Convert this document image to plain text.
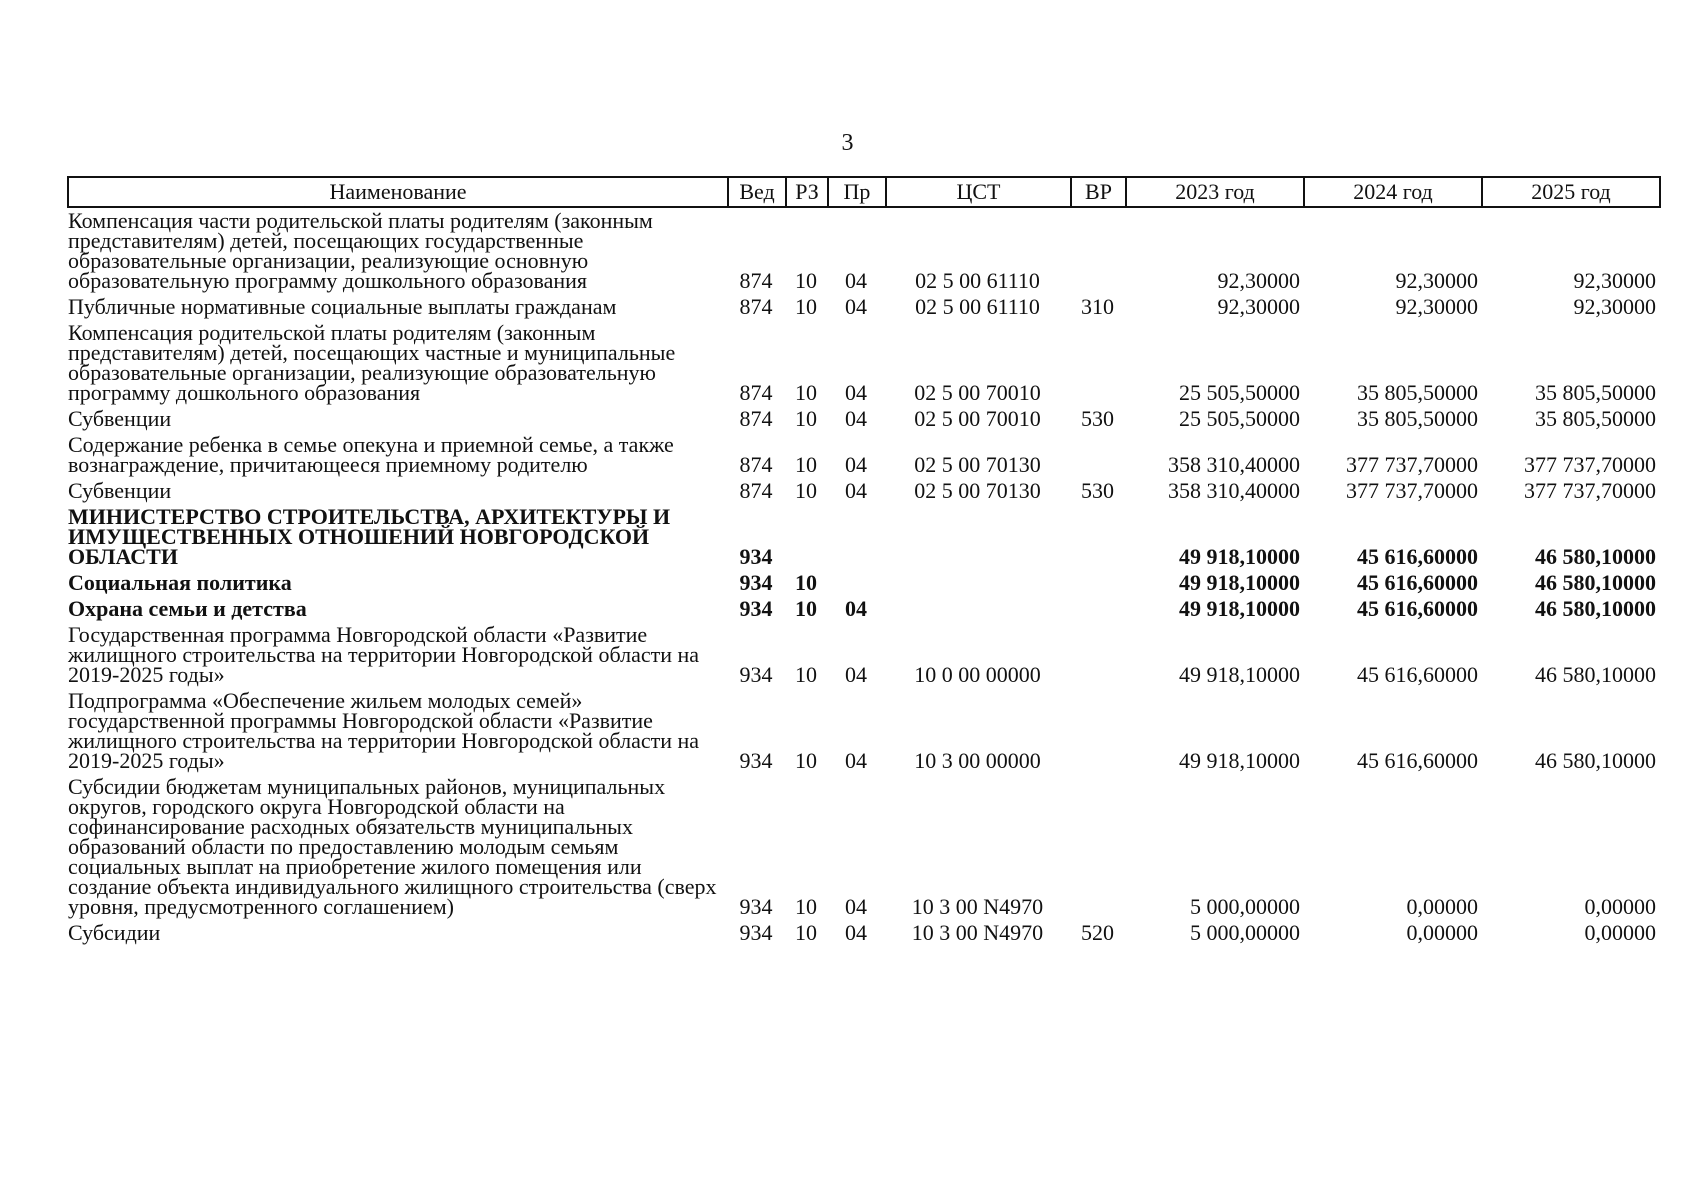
3
Наименование	Вед	РЗ	Пр	ЦСТ	ВР	2023 год	2024 год	2025 год
Компенсация части родительской платы родителям (законным представителям) детей, посещающих государственные образовательные организации, реализующие основную образовательную программу дошкольного образования	874	10	04	02 5 00 61110		92,30000	92,30000	92,30000
Публичные нормативные социальные выплаты гражданам	874	10	04	02 5 00 61110	310	92,30000	92,30000	92,30000
Компенсация родительской платы родителям (законным представителям) детей, посещающих частные и муниципальные образовательные организации, реализующие образовательную программу дошкольного образования	874	10	04	02 5 00 70010		25 505,50000	35 805,50000	35 805,50000
Субвенции	874	10	04	02 5 00 70010	530	25 505,50000	35 805,50000	35 805,50000
Содержание ребенка в семье опекуна и приемной семье, а также вознаграждение, причитающееся приемному родителю	874	10	04	02 5 00 70130		358 310,40000	377 737,70000	377 737,70000
Субвенции	874	10	04	02 5 00 70130	530	358 310,40000	377 737,70000	377 737,70000
МИНИСТЕРСТВО СТРОИТЕЛЬСТВА, АРХИТЕКТУРЫ И ИМУЩЕСТВЕННЫХ ОТНОШЕНИЙ НОВГОРОДСКОЙ ОБЛАСТИ	934					49 918,10000	45 616,60000	46 580,10000
Социальная политика	934	10				49 918,10000	45 616,60000	46 580,10000
Охрана семьи и детства	934	10	04			49 918,10000	45 616,60000	46 580,10000
Государственная программа Новгородской области «Развитие жилищного строительства на территории Новгородской области на 2019-2025 годы»	934	10	04	10 0 00 00000		49 918,10000	45 616,60000	46 580,10000
Подпрограмма «Обеспечение жильем молодых семей» государственной программы Новгородской области «Развитие жилищного строительства на территории Новгородской области на 2019-2025 годы»	934	10	04	10 3 00 00000		49 918,10000	45 616,60000	46 580,10000
Субсидии бюджетам муниципальных районов, муниципальных округов, городского округа Новгородской области на софинансирование расходных обязательств муниципальных образований области по предоставлению молодым семьям социальных выплат на приобретение жилого помещения или создание объекта индивидуального жилищного строительства (сверх уровня, предусмотренного соглашением)	934	10	04	10 3 00 N4970		5 000,00000	0,00000	0,00000
Субсидии	934	10	04	10 3 00 N4970	520	5 000,00000	0,00000	0,00000
